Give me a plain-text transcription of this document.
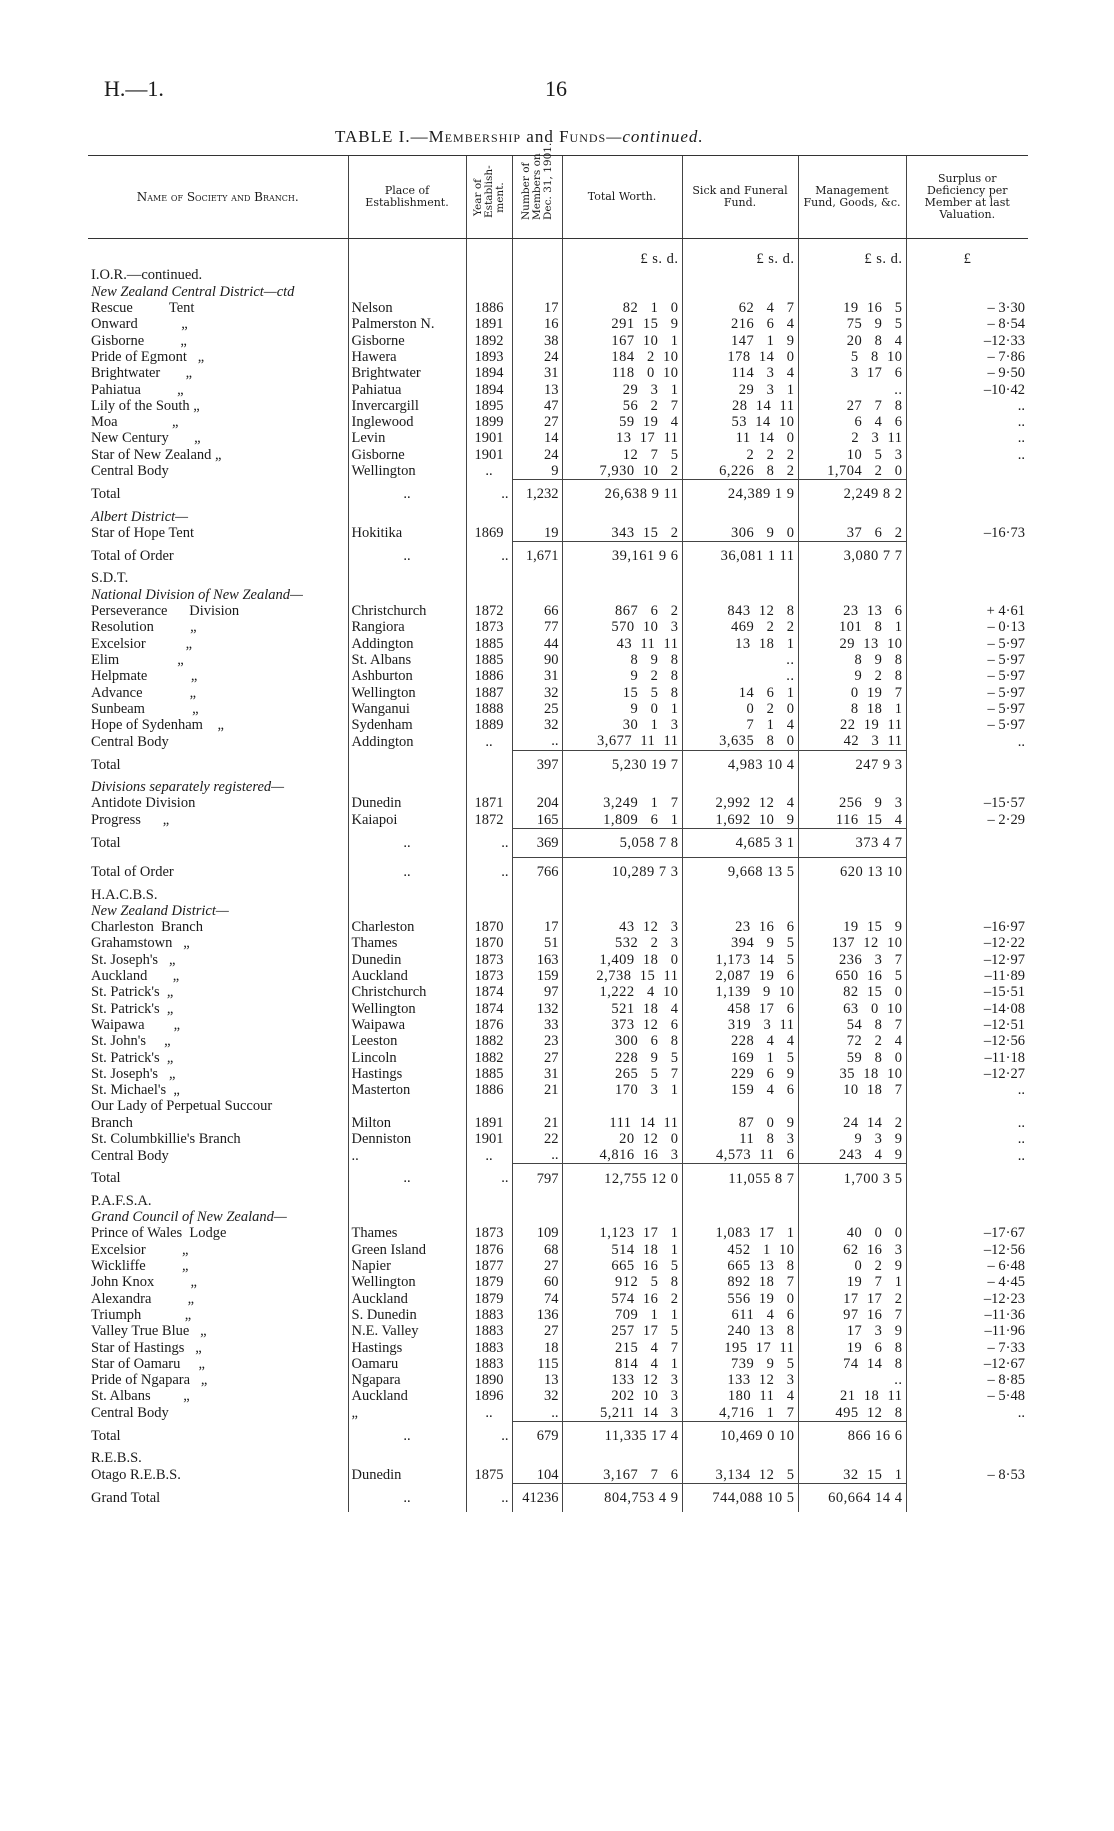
H.—1.	16
TABLE I.—Membership and Funds—continued.
Name of Society and Branch.	Place of Establishment.	Year of
Establish-
ment.	Number of
Members on
Dec. 31, 1901.	Total Worth.	Sick and Funeral Fund.	Management Fund, Goods, &c.	Surplus or Deficiency per Member at last Valuation.

				£ s. d.	£ s. d.	£ s. d.	£
I.O.R.—continued.							
New Zealand Central District—ctd							
Rescue          Tent	Nelson	1886	17	82   1   0	62   4   7	19  16   5	– 3·30
Onward            „	Palmerston N.	1891	16	291  15   9	216   6   4	75   9   5	– 8·54
Gisborne          „	Gisborne	1892	38	167  10   1	147   1   9	20   8   4	–12·33
Pride of Egmont   „	Hawera	1893	24	184   2  10	178  14   0	5   8  10	– 7·86
Brightwater       „	Brightwater	1894	31	118   0  10	114   3   4	3  17   6	– 9·50
Pahiatua          „	Pahiatua	1894	13	29   3   1	29   3   1	..	–10·42
Lily of the South „	Invercargill	1895	47	56   2   7	28  14  11	27   7   8	..
Moa               „	Inglewood	1899	27	59  19   4	53  14  10	6   4   6	..
New Century       „	Levin	1901	14	13  17  11	11  14   0	2   3  11	..
Star of New Zealand „	Gisborne	1901	24	12   7   5	2   2   2	10   5   3	..
Central Body	Wellington	..	9	7,930  10   2	6,226   8   2	1,704   2   0	
Total	..	..	1,232	26,638 9 11	24,389 1 9	2,249 8 2	
Albert District—							
Star of Hope Tent	Hokitika	1869	19	343  15   2	306   9   0	37   6   2	–16·73
Total of Order	..	..	1,671	39,161 9 6	36,081 1 11	3,080 7 7	
S.D.T.							
National Division of New Zealand—							
Perseverance      Division	Christchurch	1872	66	867   6   2	843  12   8	23  13   6	+ 4·61
Resolution          „	Rangiora	1873	77	570  10   3	469   2   2	101   8   1	– 0·13
Excelsior           „	Addington	1885	44	43  11  11	13  18   1	29  13  10	– 5·97
Elim                „	St. Albans	1885	90	8   9   8	..	8   9   8	– 5·97
Helpmate            „	Ashburton	1886	31	9   2   8	..	9   2   8	– 5·97
Advance             „	Wellington	1887	32	15   5   8	14   6   1	0  19   7	– 5·97
Sunbeam             „	Wanganui	1888	25	9   0   1	0   2   0	8  18   1	– 5·97
Hope of Sydenham    „	Sydenham	1889	32	30   1   3	7   1   4	22  19  11	– 5·97
Central Body	Addington	..	..	3,677  11  11	3,635   8   0	42   3  11	..
Total			397	5,230 19 7	4,983 10 4	247 9 3	
Divisions separately registered—							
Antidote Division	Dunedin	1871	204	3,249   1   7	2,992  12   4	256   9   3	–15·57
Progress      „	Kaiapoi	1872	165	1,809   6   1	1,692  10   9	116  15   4	– 2·29
Total	..	..	369	5,058 7 8	4,685 3 1	373 4 7	
Total of Order	..	..	766	10,289 7 3	9,668 13 5	620 13 10	
H.A.C.B.S.							
New Zealand District—							
Charleston  Branch	Charleston	1870	17	43  12   3	23  16   6	19  15   9	–16·97
Grahamstown   „	Thames	1870	51	532   2   3	394   9   5	137  12  10	–12·22
St. Joseph's   „	Dunedin	1873	163	1,409  18   0	1,173  14   5	236   3   7	–12·97
Auckland       „	Auckland	1873	159	2,738  15  11	2,087  19   6	650  16   5	–11·89
St. Patrick's  „	Christchurch	1874	97	1,222   4  10	1,139   9  10	82  15   0	–15·51
St. Patrick's  „	Wellington	1874	132	521  18   4	458  17   6	63   0  10	–14·08
Waipawa        „	Waipawa	1876	33	373  12   6	319   3  11	54   8   7	–12·51
St. John's     „	Leeston	1882	23	300   6   8	228   4   4	72   2   4	–12·56
St. Patrick's  „	Lincoln	1882	27	228   9   5	169   1   5	59   8   0	–11·18
St. Joseph's   „	Hastings	1885	31	265   5   7	229   6   9	35  18  10	–12·27
St. Michael's  „	Masterton	1886	21	170   3   1	159   4   6	10  18   7	..
Our Lady of Perpetual Succour							
Branch	Milton	1891	21	111  14  11	87   0   9	24  14   2	..
St. Columbkillie's Branch	Denniston	1901	22	20  12   0	11   8   3	9   3   9	..
Central Body	..	..	..	4,816  16   3	4,573  11   6	243   4   9	..
Total	..	..	797	12,755 12 0	11,055 8 7	1,700 3 5	
P.A.F.S.A.							
Grand Council of New Zealand—							
Prince of Wales  Lodge	Thames	1873	109	1,123  17   1	1,083  17   1	40   0   0	–17·67
Excelsior          „	Green Island	1876	68	514  18   1	452   1  10	62  16   3	–12·56
Wickliffe          „	Napier	1877	27	665  16   5	665  13   8	0   2   9	– 6·48
John Knox          „	Wellington	1879	60	912   5   8	892  18   7	19   7   1	– 4·45
Alexandra          „	Auckland	1879	74	574  16   2	556  19   0	17  17   2	–12·23
Triumph            „	S. Dunedin	1883	136	709   1   1	611   4   6	97  16   7	–11·36
Valley True Blue   „	N.E. Valley	1883	27	257  17   5	240  13   8	17   3   9	–11·96
Star of Hastings   „	Hastings	1883	18	215   4   7	195  17  11	19   6   8	– 7·33
Star of Oamaru     „	Oamaru	1883	115	814   4   1	739   9   5	74  14   8	–12·67
Pride of Ngapara   „	Ngapara	1890	13	133  12   3	133  12   3	..	– 8·85
St. Albans         „	Auckland	1896	32	202  10   3	180  11   4	21  18  11	– 5·48
Central Body	„	..	..	5,211  14   3	4,716   1   7	495  12   8	..
Total	..	..	679	11,335 17 4	10,469 0 10	866 16 6	
R.E.B.S.							
Otago R.E.B.S.	Dunedin	1875	104	3,167   7   6	3,134  12   5	32  15   1	– 8·53
Grand Total	..	..	41236	804,753 4 9	744,088 10 5	60,664 14 4	
